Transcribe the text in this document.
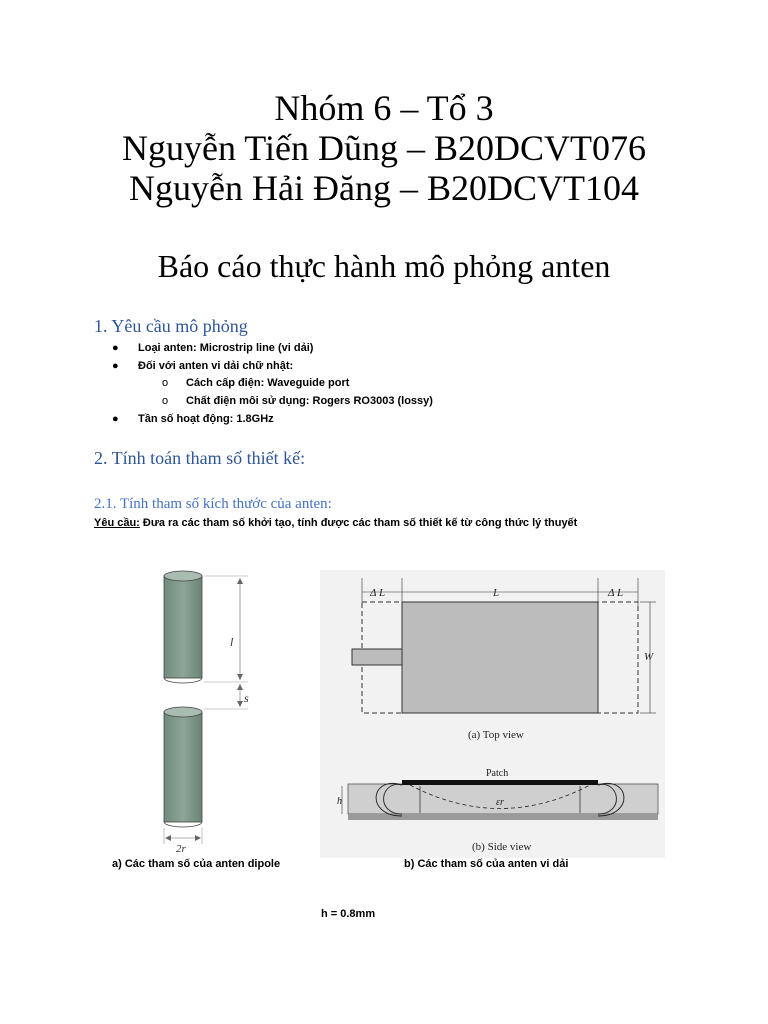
Nhóm 6 – Tổ 3
Nguyễn Tiến Dũng – B20DCVT076
Nguyễn Hải Đăng – B20DCVT104
Báo cáo thực hành mô phỏng anten
1. Yêu cầu mô phỏng
● Loại anten: Microstrip line (vi dải)
● Đối với anten vi dải chữ nhật:
o Cách cấp điện: Waveguide port
o Chất điện môi sử dụng: Rogers RO3003 (lossy)
● Tần số hoạt động: 1.8GHz
2. Tính toán tham số thiết kế:
2.1. Tính tham số kích thước của anten:
Yêu cầu: Đưa ra các tham số khởi tạo, tính được các tham số thiết kế từ công thức lý thuyết
l
s
2r
Δ L	L	Δ L
W
(a) Top view
Patch
h	εr
(b) Side view
a) Các tham số của anten dipole	b) Các tham số của anten vi dải
h = 0.8mm
